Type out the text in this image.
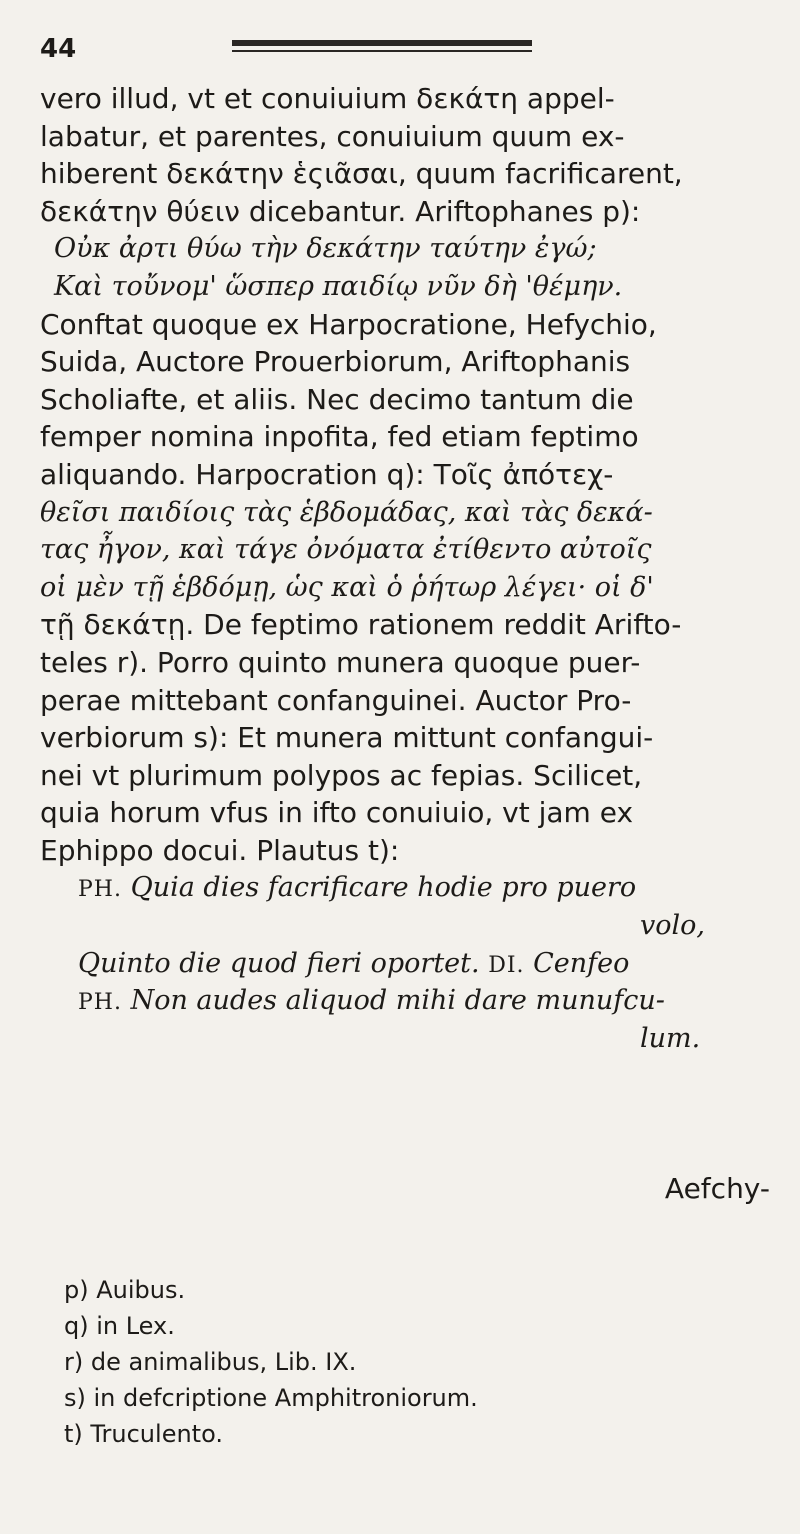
44
vero illud, vt et conuiuium δεκάτη appel-
labatur, et parentes, conuiuium quum ex-
hiberent δεκάτην ἑςιᾶσαι, quum facrificarent,
δεκάτην θύειν dicebantur. Ariftophanes p):
Οὐκ ἀρτι θύω τὴν δεκάτην ταύτην ἐγώ;
Καὶ τοὔνομ' ὥσπερ παιδίῳ νῦν δὴ 'θέμην.
Conftat quoque ex Harpocratione, Hefychio,
Suida, Auctore Prouerbiorum, Ariftophanis
Scholiafte, et aliis. Nec decimo tantum die
femper nomina inpofita, fed etiam feptimo
aliquando. Harpocration q): Τοῖς ἀπότεχ-
θεῖσι παιδίοις τὰς ἑβδομάδας, καὶ τὰς δεκά-
τας ἦγον, καὶ τάγε ὀνόματα ἐτίθεντο αὐτοῖς
οἱ μὲν τῇ ἑβδόμῃ, ὡς καὶ ὁ ῥήτωρ λέγει· οἱ δ'
τῇ δεκάτῃ. De feptimo rationem reddit Arifto-
teles r). Porro quinto munera quoque puer-
perae mittebant confanguinei. Auctor Pro-
verbiorum s): Et munera mittunt confangui-
nei vt plurimum polypos ac fepias. Scilicet,
quia horum vfus in ifto conuiuio, vt jam ex
Ephippo docui. Plautus t):
PH. Quia dies facrificare hodie pro puero
volo,
Quinto die quod fieri oportet. DI. Cenfeo
PH. Non audes aliquod mihi dare munufcu-
lum.
Aefchy-
p) Auibus.
q) in Lex.
r) de animalibus, Lib. IX.
s) in defcriptione Amphitroniorum.
t) Truculento.
